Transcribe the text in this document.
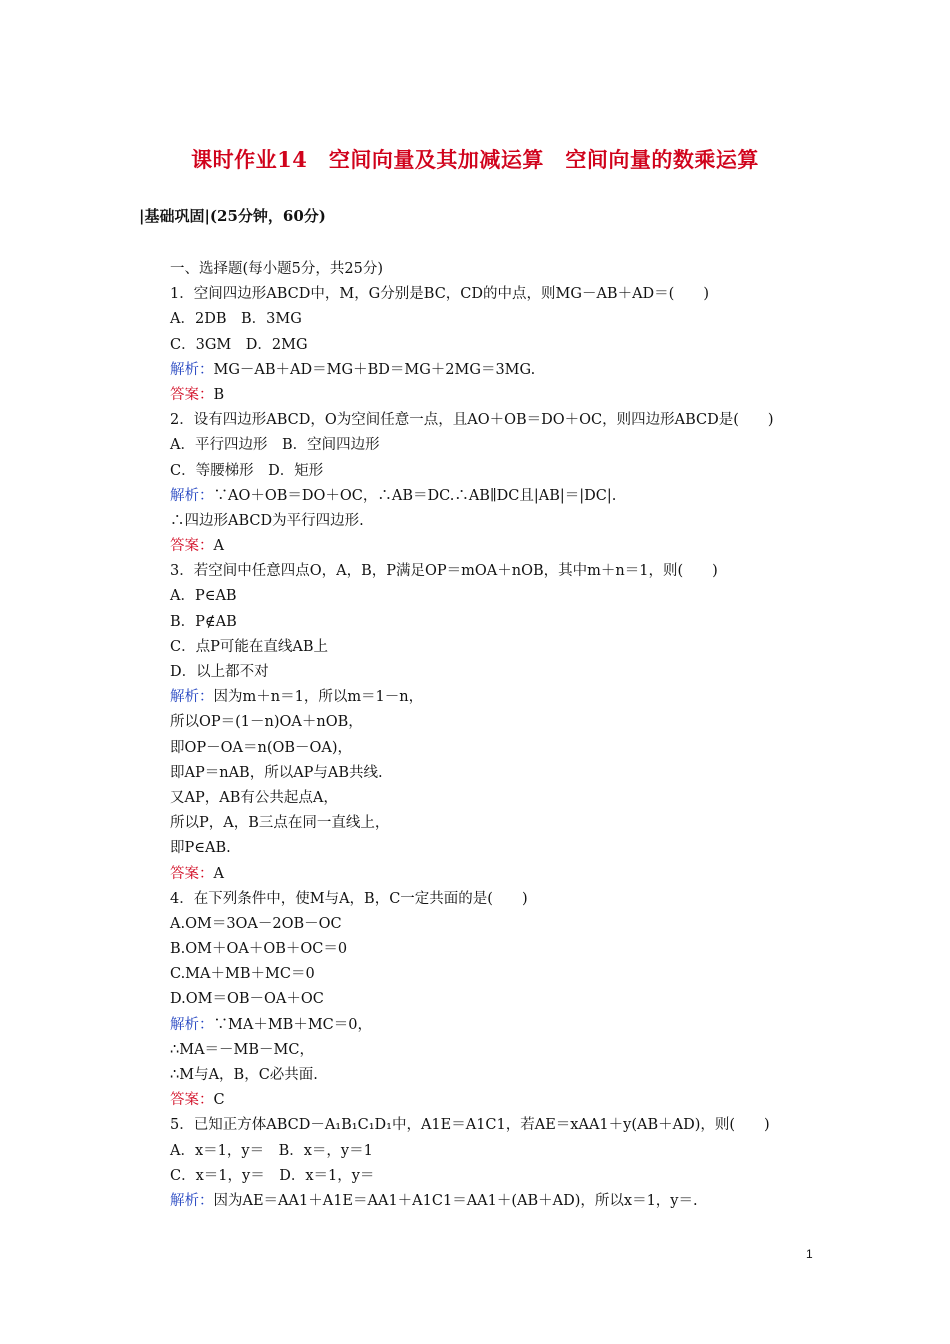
课时作业14　空间向量及其加减运算　空间向量的数乘运算
|基础巩固|(25分钟，60分)
一、选择题(每小题5分，共25分)
1．空间四边形ABCD中，M，G分别是BC，CD的中点，则MG－AB＋AD＝(　　)
A．2DB　B．3MG
C．3GM　D．2MG
解析：MG－AB＋AD＝MG＋BD＝MG＋2MG＝3MG.
答案：B
2．设有四边形ABCD，O为空间任意一点，且AO＋OB＝DO＋OC，则四边形ABCD是(　　)
A．平行四边形　B．空间四边形
C．等腰梯形　D．矩形
解析：∵AO＋OB＝DO＋OC，∴AB＝DC.∴AB∥DC且|AB|＝|DC|.
∴四边形ABCD为平行四边形.
答案：A
3．若空间中任意四点O，A，B，P满足OP＝mOA＋nOB，其中m＋n＝1，则(　　)
A．P∈AB
B．P∉AB
C．点P可能在直线AB上
D．以上都不对
解析：因为m＋n＝1，所以m＝1－n，
所以OP＝(1－n)OA＋nOB，
即OP－OA＝n(OB－OA)，
即AP＝nAB，所以AP与AB共线.
又AP，AB有公共起点A，
所以P，A，B三点在同一直线上，
即P∈AB.
答案：A
4．在下列条件中，使M与A，B，C一定共面的是(　　)
A.OM＝3OA－2OB－OC
B.OM＋OA＋OB＋OC＝0
C.MA＋MB＋MC＝0
D.OM＝OB－OA＋OC
解析：∵MA＋MB＋MC＝0，
∴MA＝－MB－MC，
∴M与A，B，C必共面.
答案：C
5．已知正方体ABCD－A₁B₁C₁D₁中，A1E＝A1C1，若AE＝xAA1＋y(AB＋AD)，则(　　)
A．x＝1，y＝　B．x＝，y＝1
C．x＝1，y＝　D．x＝1，y＝
解析：因为AE＝AA1＋A1E＝AA1＋A1C1＝AA1＋(AB＋AD)，所以x＝1，y＝.
1
